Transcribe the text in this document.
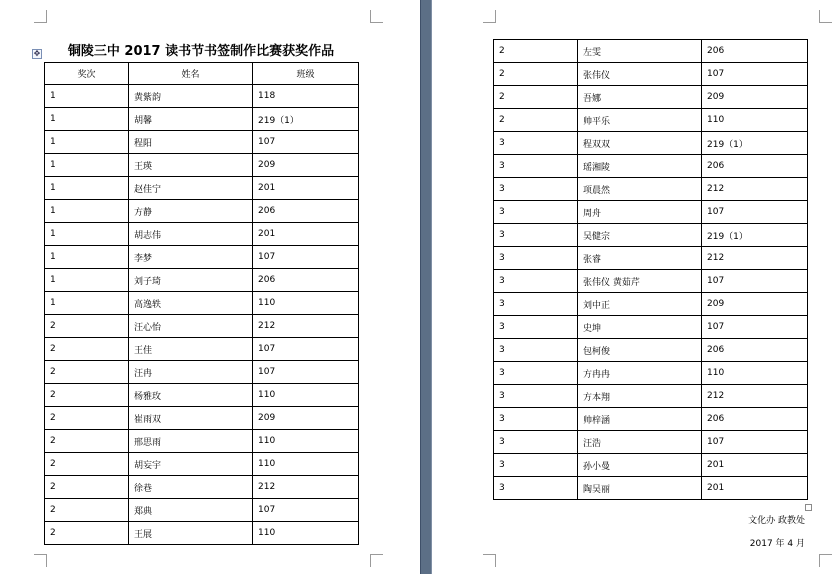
✥	铜陵三中 2017 读书节书签制作比赛获奖作品
奖次	姓名	班级
1	黄紫韵	118
1	胡馨	219（1）
1	程阳	107
1	王瑛	209
1	赵佳宁	201
1	方静	206
1	胡志伟	201
1	李梦	107
1	刘子琦	206
1	高逸轶	110
2	汪心怡	212
2	王佳	107
2	汪冉	107
2	杨雅玫	110
2	崔雨双	209
2	邢思雨	110
2	胡妄宇	110
2	徐巷	212
2	郑典	107
2	王展	110
2	左雯	206
2	张伟仪	107
2	吾娜	209
2	帅平乐	110
3	程双双	219（1）
3	瑶湘陵	206
3	项晨然	212
3	周舟	107
3	吴健宗	219（1）
3	张睿	212
3	张伟仪 黄茹芹	107
3	刘中正	209
3	史坤	107
3	包柯俊	206
3	方冉冉	110
3	方本翔	212
3	帅梓涵	206
3	汪浩	107
3	孙小曼	201
3	陶吴丽	201
文化办 政教处
2017 年 4 月
